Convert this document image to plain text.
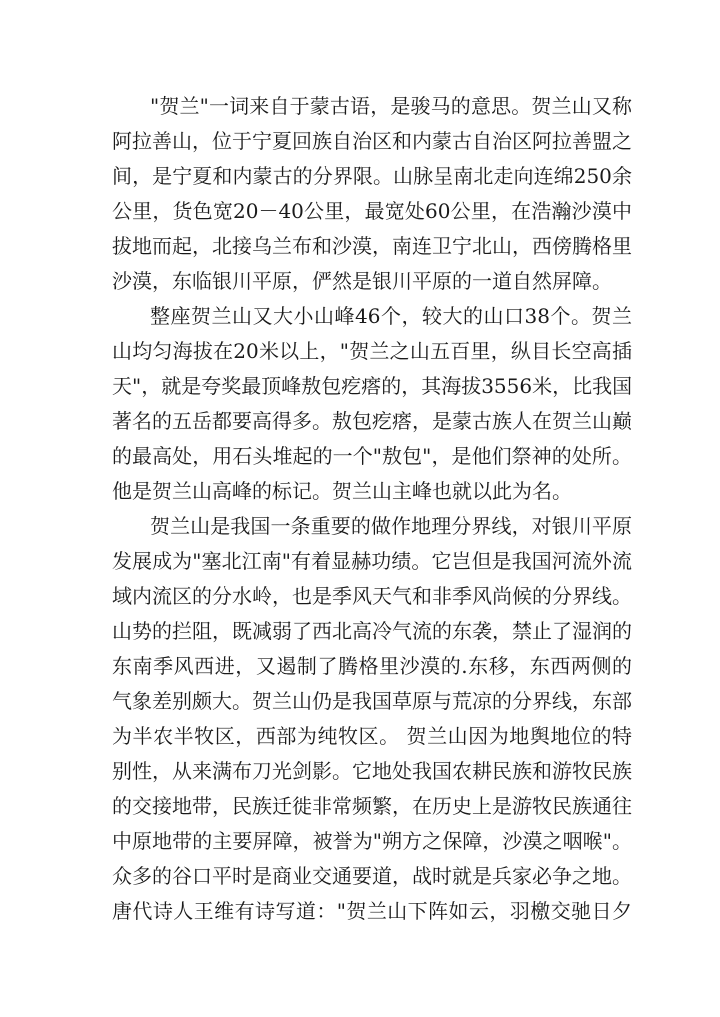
"贺兰"一词来自于蒙古语，是骏马的意思。贺兰山又称
阿拉善山，位于宁夏回族自治区和内蒙古自治区阿拉善盟之
间，是宁夏和内蒙古的分界限。山脉呈南北走向连绵250余
公里，货色宽20－40公里，最宽处60公里，在浩瀚沙漠中
拔地而起，北接乌兰布和沙漠，南连卫宁北山，西傍腾格里
沙漠，东临银川平原，俨然是银川平原的一道自然屏障。
整座贺兰山又大小山峰46个，较大的山口38个。贺兰
山均匀海拔在20米以上，"贺兰之山五百里，纵目长空高插
天"，就是夸奖最顶峰敖包疙瘩的，其海拔3556米，比我国
著名的五岳都要高得多。敖包疙瘩，是蒙古族人在贺兰山巅
的最高处，用石头堆起的一个"敖包"，是他们祭神的处所。
他是贺兰山高峰的标记。贺兰山主峰也就以此为名。
贺兰山是我国一条重要的做作地理分界线，对银川平原
发展成为"塞北江南"有着显赫功绩。它岂但是我国河流外流
域内流区的分水岭，也是季风天气和非季风尚候的分界线。
山势的拦阻，既减弱了西北高冷气流的东袭，禁止了湿润的
东南季风西进，又遏制了腾格里沙漠的.东移，东西两侧的
气象差别颇大。贺兰山仍是我国草原与荒凉的分界线，东部
为半农半牧区，西部为纯牧区。 贺兰山因为地舆地位的特
别性，从来满布刀光剑影。它地处我国农耕民族和游牧民族
的交接地带，民族迁徙非常频繁，在历史上是游牧民族通往
中原地带的主要屏障，被誉为"朔方之保障，沙漠之咽喉"。
众多的谷口平时是商业交通要道，战时就是兵家必争之地。
唐代诗人王维有诗写道："贺兰山下阵如云，羽檄交驰日夕
